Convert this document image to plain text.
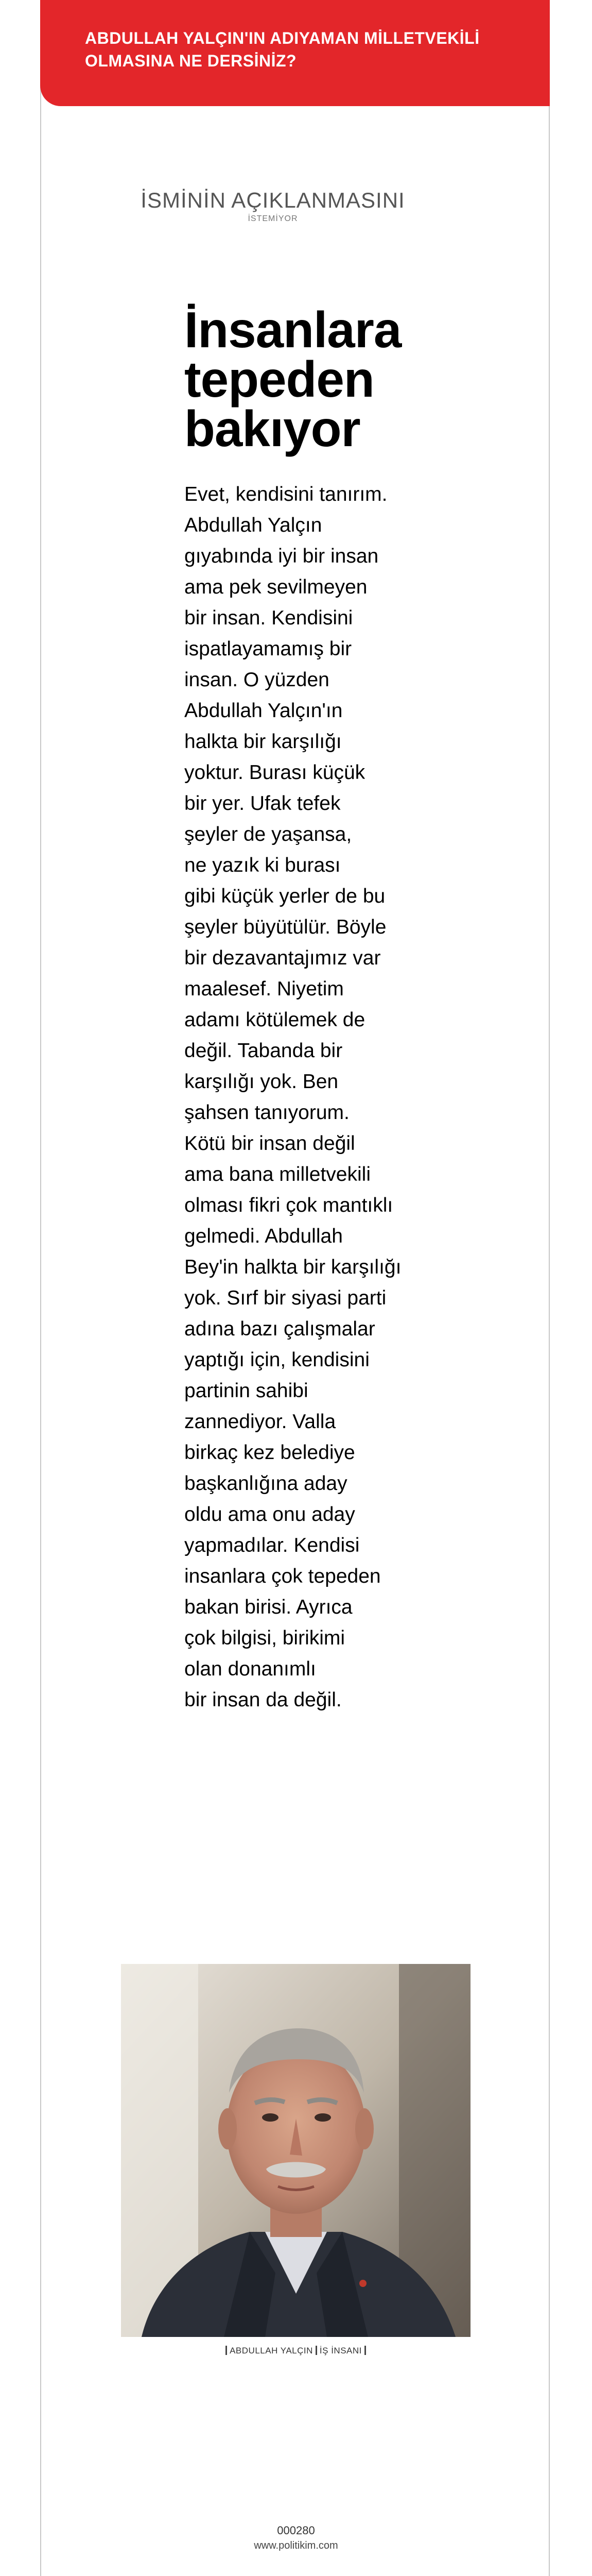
ABDULLAH YALÇIN'IN ADIYAMAN MİLLETVEKİLİ
OLMASINA NE DERSİNİZ?

İSMİNİN AÇIKLANMASINI
İSTEMİYOR

İnsanlara
tepeden
bakıyor
Evet, kendisini tanırım.
Abdullah Yalçın
gıyabında iyi bir insan
ama pek sevilmeyen
bir insan. Kendisini
ispatlayamamış bir
insan. O yüzden
Abdullah Yalçın'ın
halkta bir karşılığı
yoktur. Burası küçük
bir yer. Ufak tefek
şeyler de yaşansa,
ne yazık ki burası
gibi küçük yerler de bu
şeyler büyütülür. Böyle
bir dezavantajımız var
maalesef. Niyetim
adamı kötülemek de
değil. Tabanda bir
karşılığı yok. Ben
şahsen tanıyorum.
Kötü bir insan değil
ama bana milletvekili
olması fikri çok mantıklı
gelmedi. Abdullah
Bey'in halkta bir karşılığı
yok. Sırf bir siyasi parti
adına bazı çalışmalar
yaptığı için, kendisini
partinin sahibi
zannediyor. Valla
birkaç kez belediye
başkanlığına aday
oldu ama onu aday
yapmadılar. Kendisi
insanlara çok tepeden
bakan birisi. Ayrıca
çok bilgisi, birikimi
olan donanımlı
bir insan da değil.

ABDULLAH YALÇIN İŞ İNSANI

000280
www.politikim.com
